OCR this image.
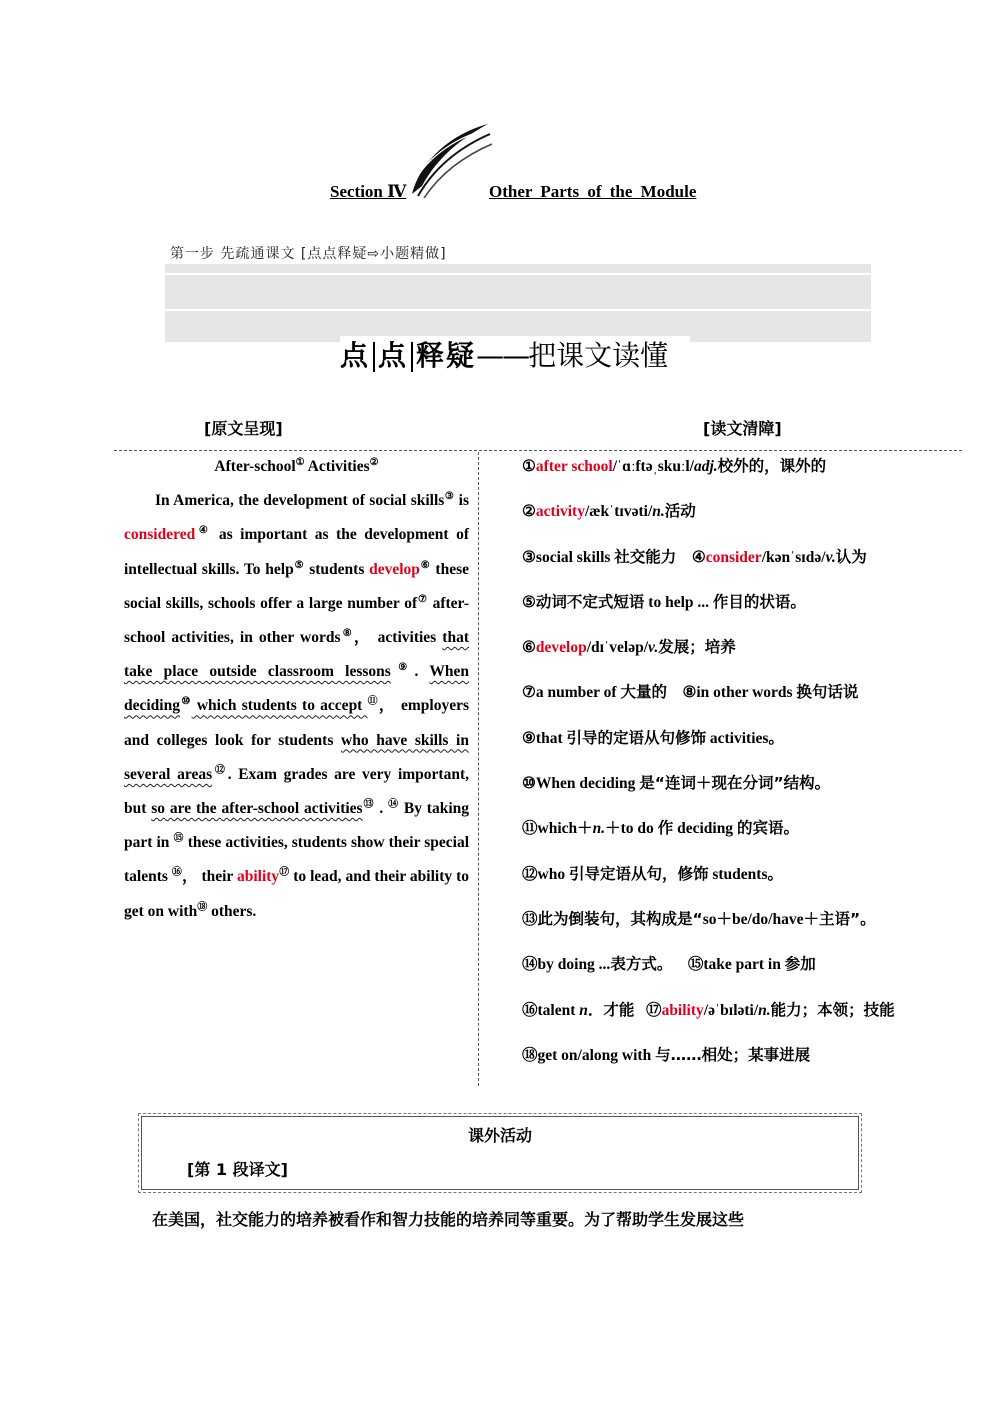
Section Ⅳ	Other Parts of the Module
第一步 先疏通课文 [点点释疑⇨小题精做]
点 点 释疑——把课文读懂
[原文呈现]	[读文清障]
After-school① Activities②

In America, the development of social skills③ is considered④ as important as the development of intellectual skills. To help⑤ students develop⑥ these social skills, schools offer a large number of⑦ after-school activities, in other words⑧， activities that take place outside classroom lessons⑨. When deciding⑩ which students to accept ⑪， employers and colleges look for students who have skills in several areas⑫. Exam grades are very important, but so are the after-school activities⑬ . ⑭ By taking part in ⑮ these activities, students show their special talents ⑯， their ability⑰ to lead, and their ability to get on with⑱ others.

①after school/ˈɑːftəˌskuːl/adj.校外的，课外的
②activity/ækˈtɪvəti/n.活动
③social skills 社交能力 ④consider/kənˈsɪdə/v.认为
⑤动词不定式短语 to help ... 作目的状语。
⑥develop/dɪˈveləp/v.发展；培养
⑦a number of 大量的 ⑧in other words 换句话说
⑨that 引导的定语从句修饰 activities。
⑩When deciding 是“连词＋现在分词”结构。
⑪which＋n.＋to do 作 deciding 的宾语。
⑫who 引导定语从句，修饰 students。
⑬此为倒装句，其构成是“so＋be/do/have＋主语”。
⑭by doing ...表方式。 ⑮take part in 参加
⑯talent n．才能 ⑰ability/əˈbɪləti/n.能力；本领；技能
⑱get on/along with 与……相处；某事进展
课外活动
[第 1 段译文]
在美国，社交能力的培养被看作和智力技能的培养同等重要。为了帮助学生发展这些
